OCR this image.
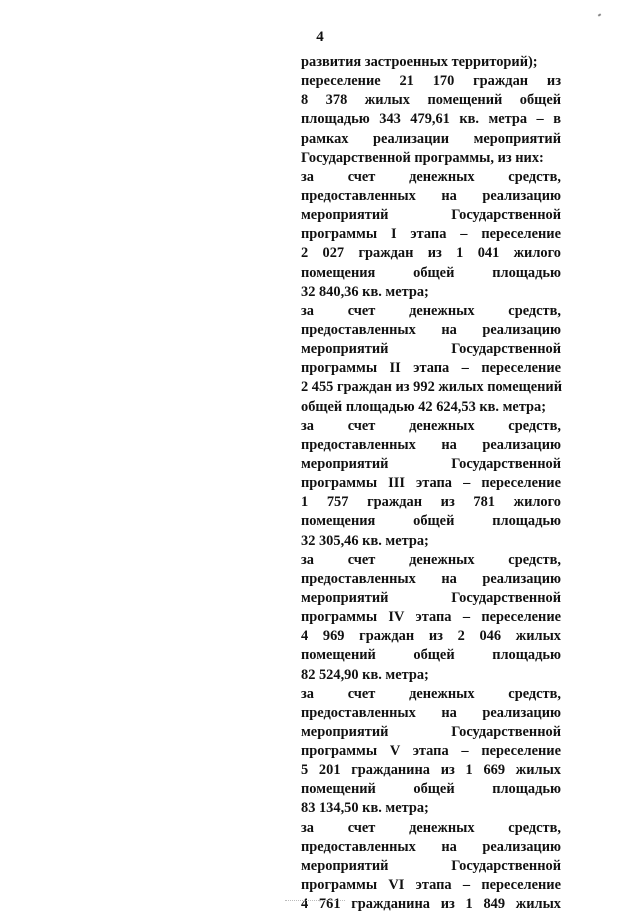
4
развития застроенных территорий);
переселение 21 170 граждан из
8 378 жилых помещений общей
площадью 343 479,61 кв. метра – в
рамках реализации мероприятий
Государственной программы, из них:
за счет денежных средств,
предоставленных на реализацию
мероприятий Государственной
программы I этапа – переселение
2 027 граждан из 1 041 жилого
помещения общей площадью
32 840,36 кв. метра;
за счет денежных средств,
предоставленных на реализацию
мероприятий Государственной
программы II этапа – переселение
2 455 граждан из 992 жилых помещений
общей площадью 42 624,53 кв. метра;
за счет денежных средств,
предоставленных на реализацию
мероприятий Государственной
программы III этапа – переселение
1 757 граждан из 781 жилого
помещения общей площадью
32 305,46 кв. метра;
за счет денежных средств,
предоставленных на реализацию
мероприятий Государственной
программы IV этапа – переселение
4 969 граждан из 2 046 жилых
помещений общей площадью
82 524,90 кв. метра;
за счет денежных средств,
предоставленных на реализацию
мероприятий Государственной
программы V этапа – переселение
5 201 гражданина из 1 669 жилых
помещений общей площадью
83 134,50 кв. метра;
за счет денежных средств,
предоставленных на реализацию
мероприятий Государственной
программы VI этапа – переселение
4 761 гражданина из 1 849 жилых
